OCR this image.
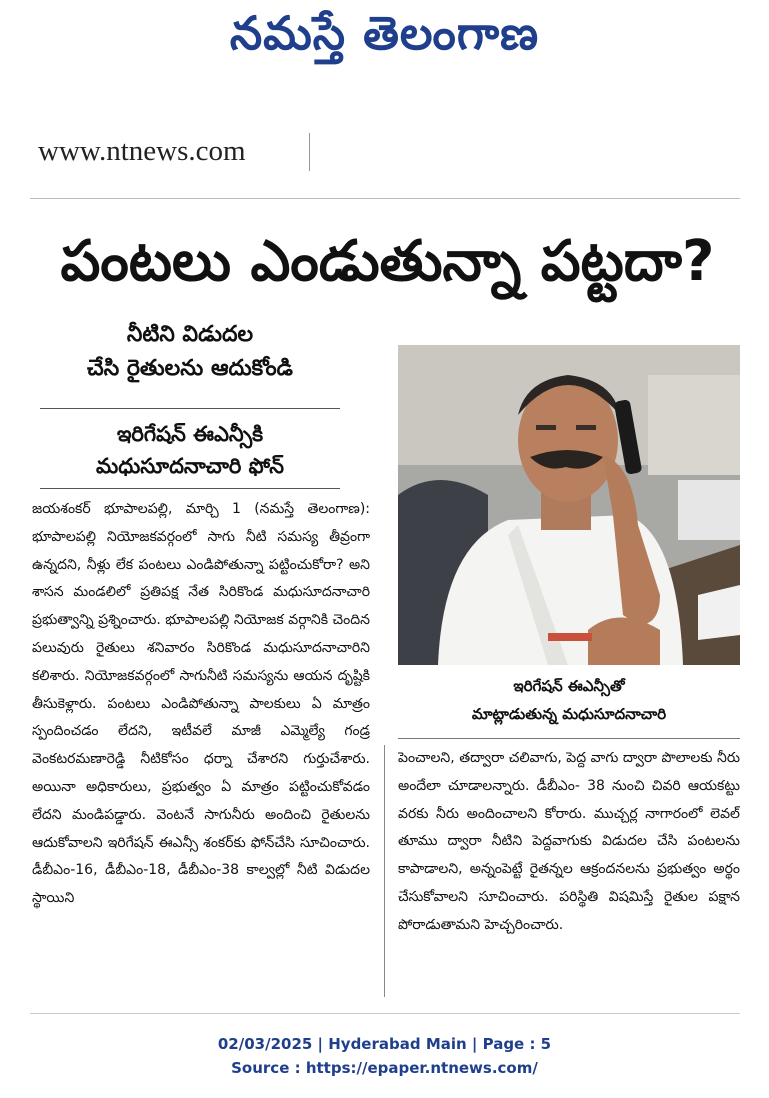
నమస్తే తెలంగాణ
www.ntnews.com
పంటలు ఎండుతున్నా పట్టదా?
నీటిని విడుదల
చేసి రైతులను ఆదుకోండి
ఇరిగేషన్ ఈఎన్సీకి
మధుసూదనాచారి ఫోన్
ఇరిగేషన్ ఈఎన్సీతో
మాట్లాడుతున్న మధుసూదనాచారి
జయశంకర్ భూపాలపల్లి, మార్చి 1 (నమస్తే తెలంగాణ): భూపాలపల్లి నియోజకవర్గంలో సాగు నీటి సమస్య తీవ్రంగా ఉన్నదని, నీళ్లు లేక పంటలు ఎండిపోతున్నా పట్టించుకోరా? అని శాసన మండలిలో ప్రతిపక్ష నేత సిరికొండ మధుసూదనాచారి ప్రభుత్వాన్ని ప్రశ్నించారు. భూపాలపల్లి నియోజక వర్గానికి చెందిన పలువురు రైతులు శనివారం సిరికొండ మధుసూదనాచారిని కలిశారు. నియోజకవర్గంలో సాగునీటి సమస్యను ఆయన దృష్టికి తీసుకెళ్లారు. పంటలు ఎండిపోతున్నా పాలకులు ఏ మాత్రం స్పందించడం లేదని, ఇటీవలే మాజీ ఎమ్మెల్యే గండ్ర వెంకటరమణారెడ్డి నీటికోసం ధర్నా చేశారని గుర్తుచేశారు. అయినా అధికారులు, ప్రభుత్వం ఏ మాత్రం పట్టించుకోవడం లేదని మండిపడ్డారు. వెంటనే సాగునీరు అందించి రైతులను ఆదుకోవాలని ఇరిగేషన్ ఈఎన్సీ శంకర్‌కు ఫోన్‌చేసి సూచించారు. డీబీఎం-16, డీబీఎం-18, డీబీఎం-38 కాల్వల్లో నీటి విడుదల స్థాయిని
పెంచాలని, తద్వారా చలివాగు, పెద్ద వాగు ద్వారా పొలాలకు నీరు అందేలా చూడాలన్నారు. డీబీఎం- 38 నుంచి చివరి ఆయకట్టు వరకు నీరు అందించాలని కోరారు. ముచ్చర్ల నాగారంలో లెవల్ తూము ద్వారా నీటిని పెద్దవాగుకు విడుదల చేసి పంటలను కాపాడాలని, అన్నంపెట్టే రైతన్నల ఆక్రందనలను ప్రభుత్వం అర్థం చేసుకోవాలని సూచించారు. పరిస్థితి విషమిస్తే రైతుల పక్షాన పోరాడుతామని హెచ్చరించారు.
02/03/2025 | Hyderabad Main | Page : 5
Source : https://epaper.ntnews.com/
